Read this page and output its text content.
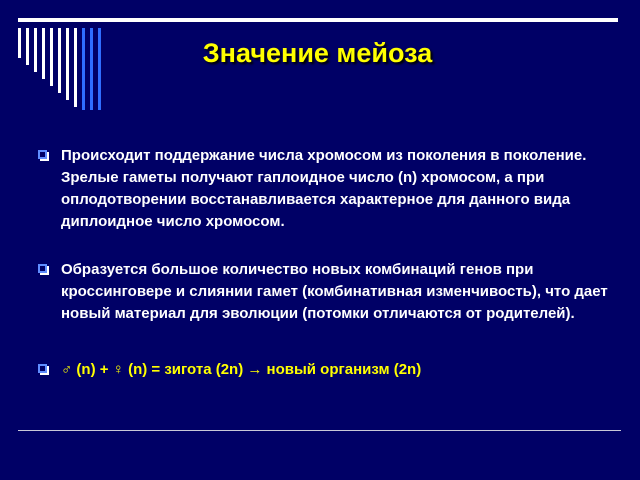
Значение мейоза
Происходит поддержание числа хромосом из поколения в поколение. Зрелые гаметы получают гаплоидное число (n) хромосом, а при оплодотворении восстанавливается характерное для данного вида диплоидное число хромосом.
Образуется большое количество новых комбинаций генов при кроссинговере и слиянии гамет (комбинативная изменчивость), что дает новый материал для эволюции (потомки отличаются от родителей).
♂ (n) + ♀ (n) = зигота (2n) → новый организм (2n)
